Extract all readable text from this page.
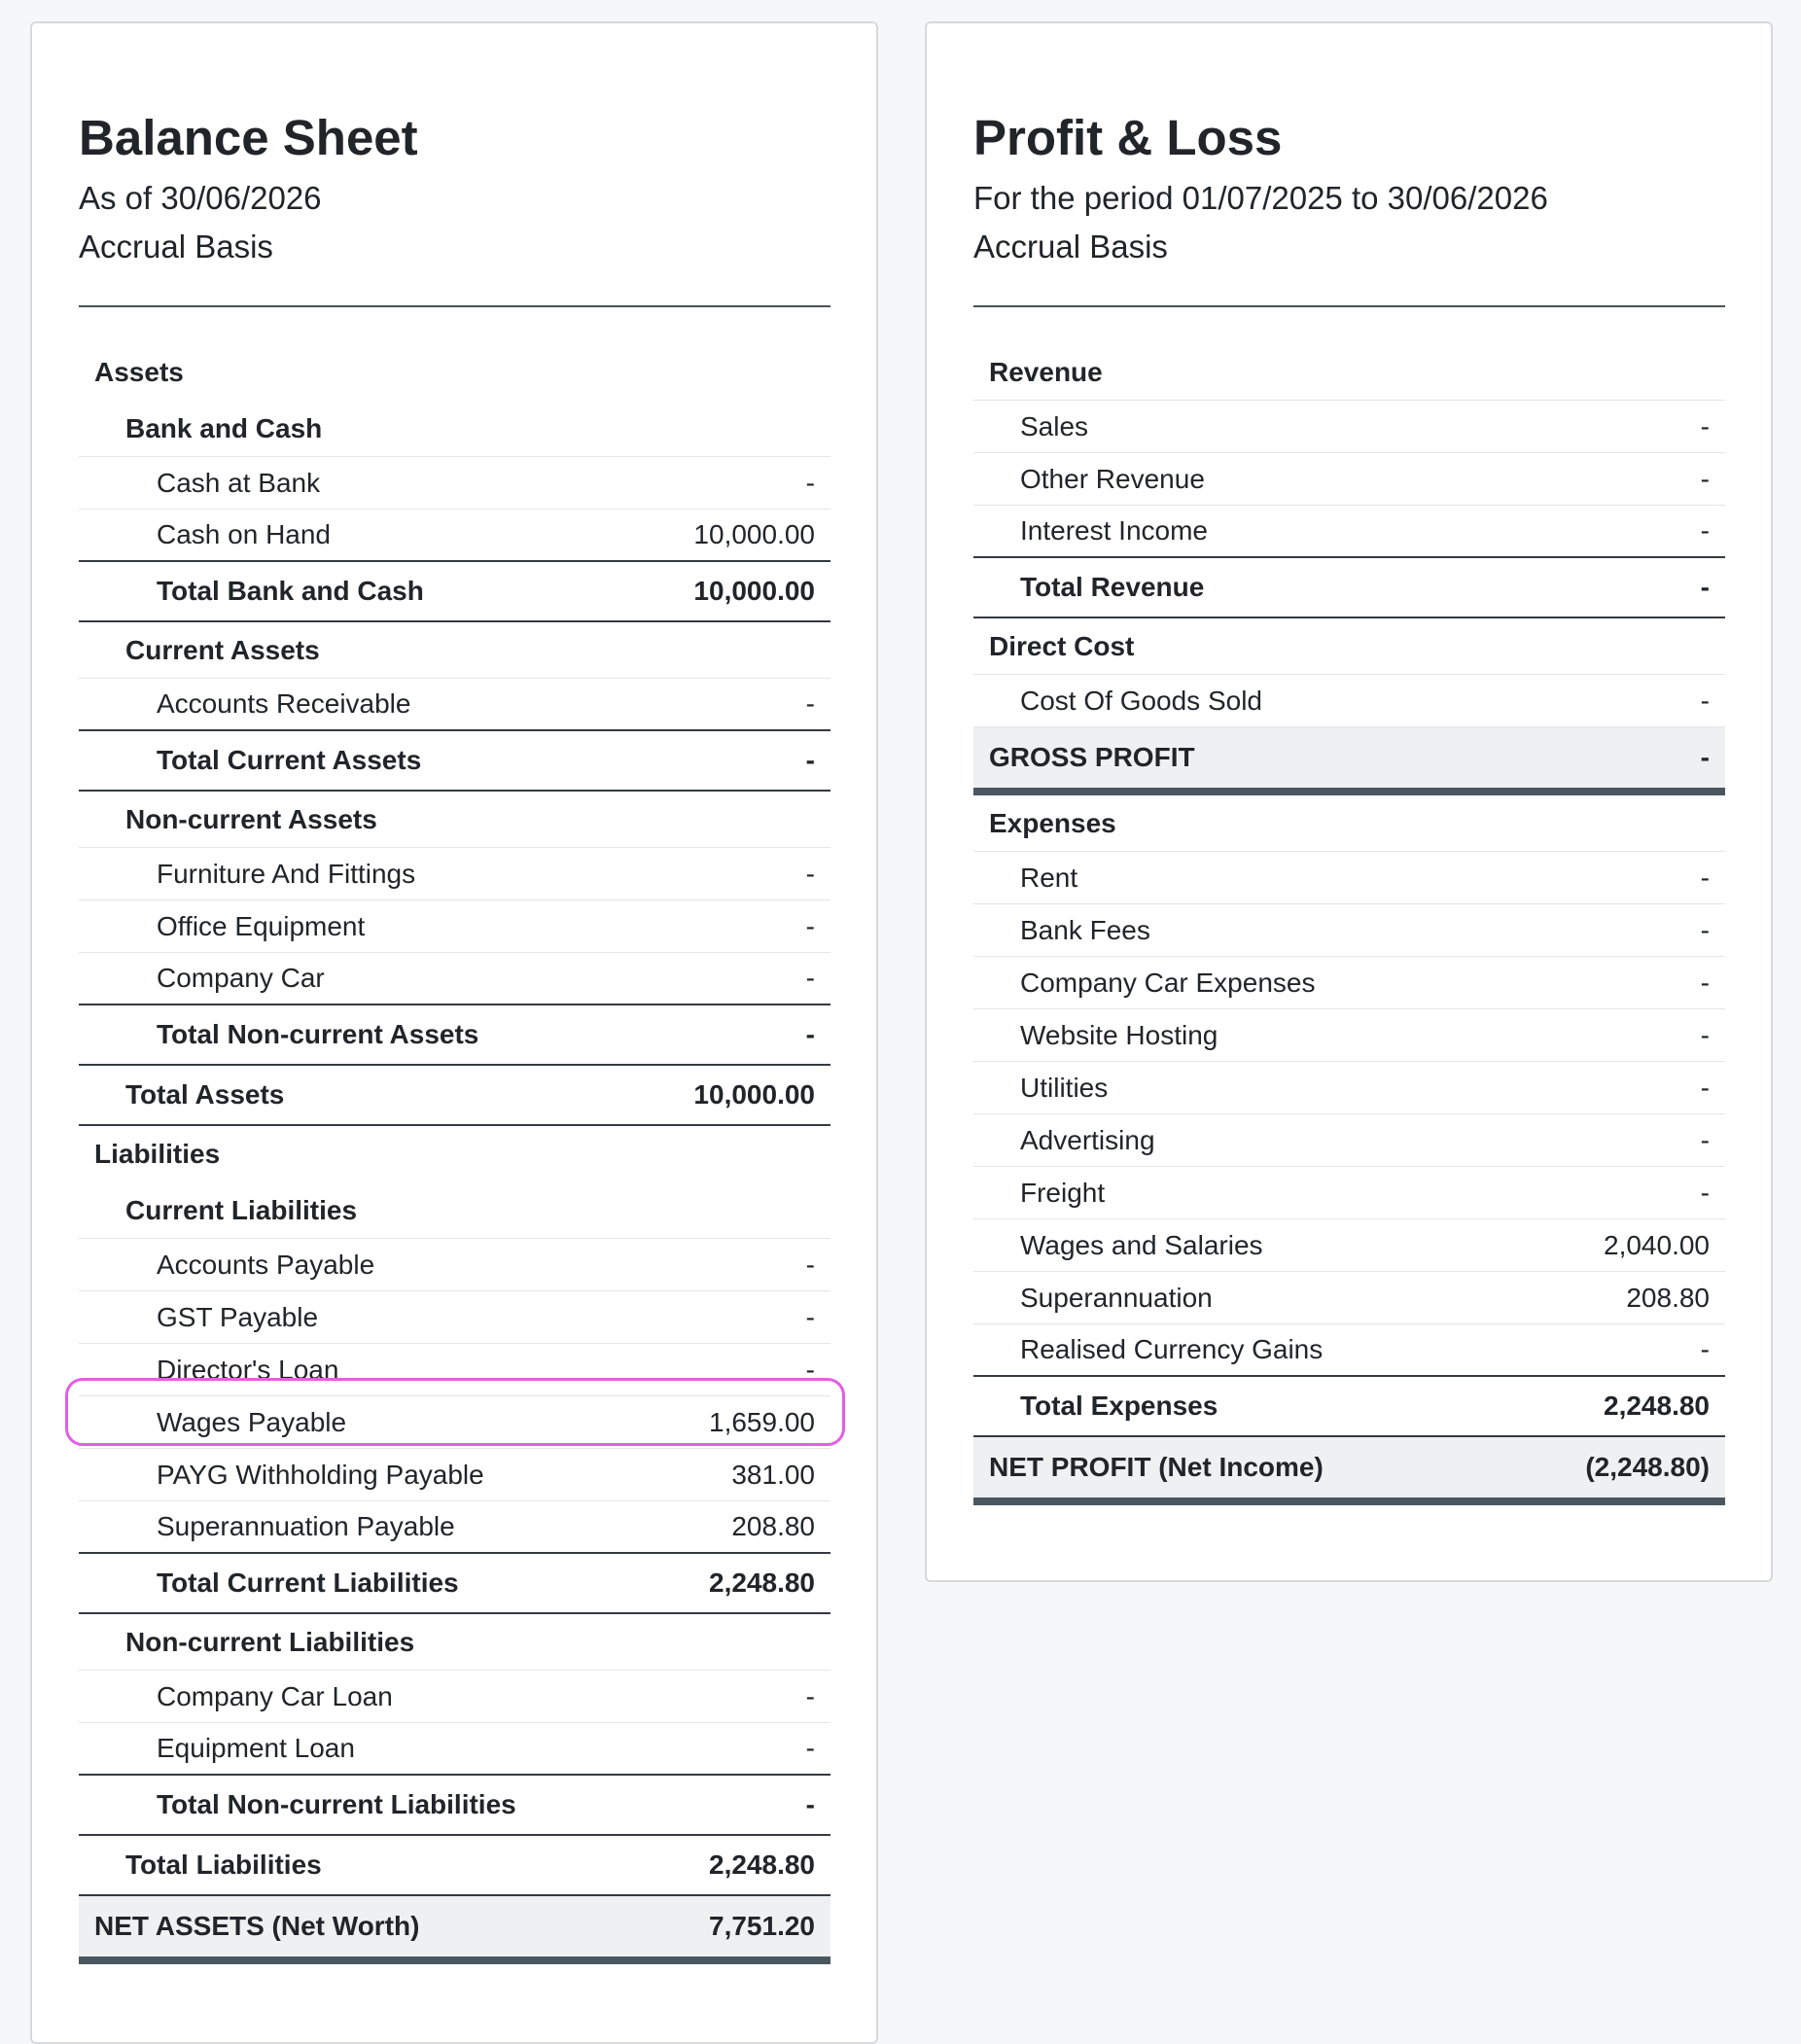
Balance Sheet
As of 30/06/2026
Accrual Basis
Assets
Bank and Cash
Cash at Bank	-
Cash on Hand	10,000.00
Total Bank and Cash	10,000.00
Current Assets
Accounts Receivable	-
Total Current Assets	-
Non-current Assets
Furniture And Fittings	-
Office Equipment	-
Company Car	-
Total Non-current Assets	-
Total Assets	10,000.00
Liabilities
Current Liabilities
Accounts Payable	-
GST Payable	-
Director's Loan	-
Wages Payable	1,659.00
PAYG Withholding Payable	381.00
Superannuation Payable	208.80
Total Current Liabilities	2,248.80
Non-current Liabilities
Company Car Loan	-
Equipment Loan	-
Total Non-current Liabilities	-
Total Liabilities	2,248.80
NET ASSETS (Net Worth)	7,751.20
Profit & Loss
For the period 01/07/2025 to 30/06/2026
Accrual Basis
Revenue
Sales	-
Other Revenue	-
Interest Income	-
Total Revenue	-
Direct Cost
Cost Of Goods Sold	-
GROSS PROFIT	-
Expenses
Rent	-
Bank Fees	-
Company Car Expenses	-
Website Hosting	-
Utilities	-
Advertising	-
Freight	-
Wages and Salaries	2,040.00
Superannuation	208.80
Realised Currency Gains	-
Total Expenses	2,248.80
NET PROFIT (Net Income)	(2,248.80)
